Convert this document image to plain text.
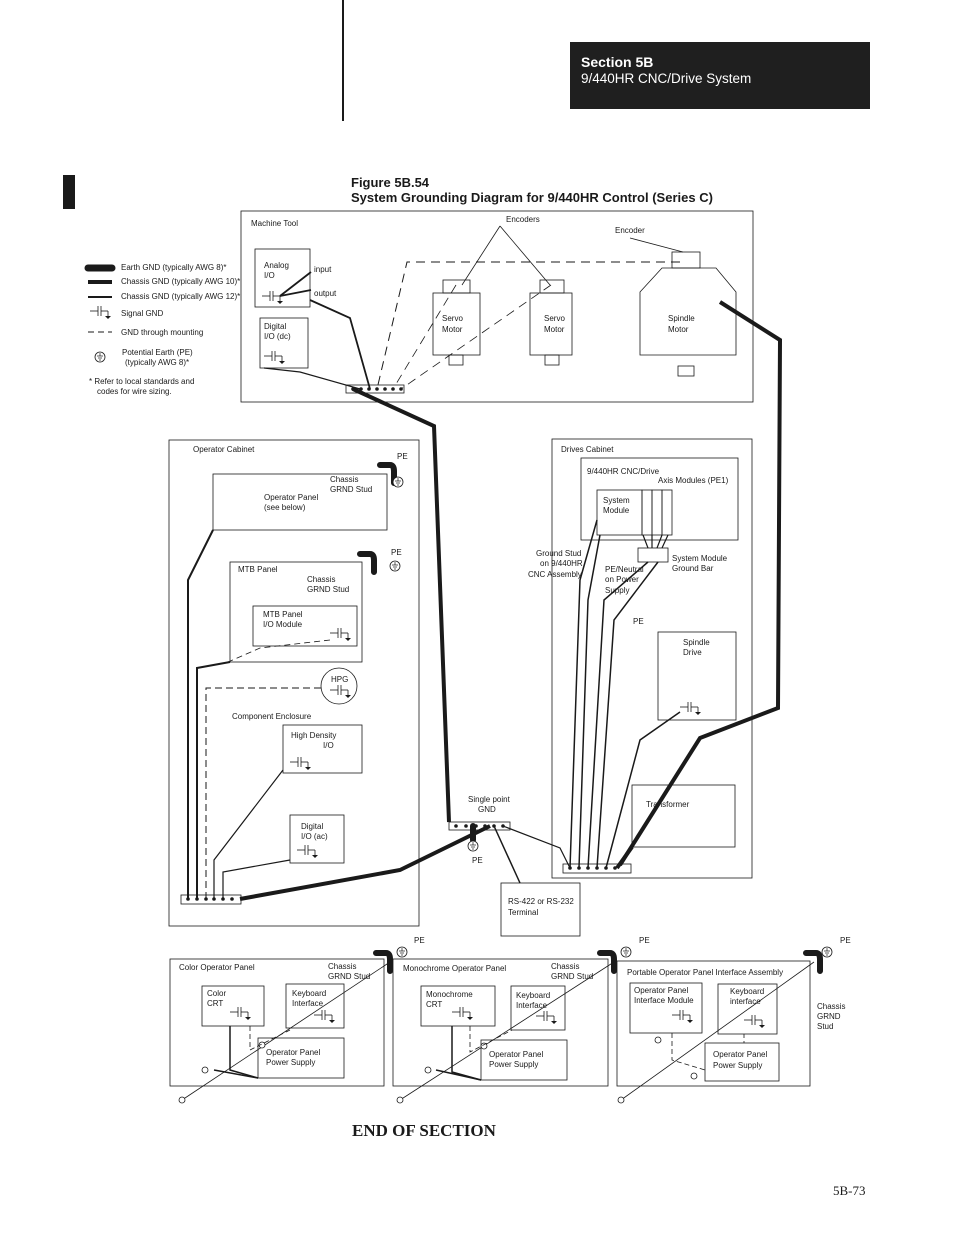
Section 5B
9/440HR CNC/Drive System
Figure 5B.54
System Grounding Diagram for 9/440HR Control (Series C)
Earth GND (typically AWG 8)*
Chassis GND (typically AWG 10)*
Chassis GND (typically AWG 12)*
Signal GND
GND through mounting
Potential Earth (PE)
(typically AWG 8)*
* Refer to local standards and
codes for wire sizing.
Machine Tool	Encoders
Encoder
Analog
I/O
input
output
Digital
I/O (dc)
Servo
Motor
Servo
Motor
Spindle
Motor
Operator Cabinet
PE
Chassis
GRND Stud
Operator Panel
(see below)
PE
Chassis
GRND Stud
MTB Panel
MTB Panel
I/O Module
HPG
Component Enclosure
High Density
I/O
Digital
I/O (ac)
Drives Cabinet
9/440HR CNC/Drive
Axis Modules (PE1)
System
Module
System Module
Ground Bar
Ground Stud
on 9/440HR
CNC Assembly
PE/Neutral
on Power
Supply
PE
Spindle
Drive
Transformer
Single point
GND
PE
RS-422 or RS-232
Terminal
Color Operator Panel	Chassis
GRND Stud
PE
Color
CRT
Keyboard
Interface
Operator Panel
Power Supply
Monochrome Operator Panel	Chassis
GRND Stud
PE
Monochrome
CRT
Keyboard
Interface
Operator Panel
Power Supply
Portable Operator Panel Interface Assembly
PE
Chassis
GRND
Stud
Operator Panel
Interface Module
Keyboard
interface
Operator Panel
Power Supply
END OF SECTION
5B-73
